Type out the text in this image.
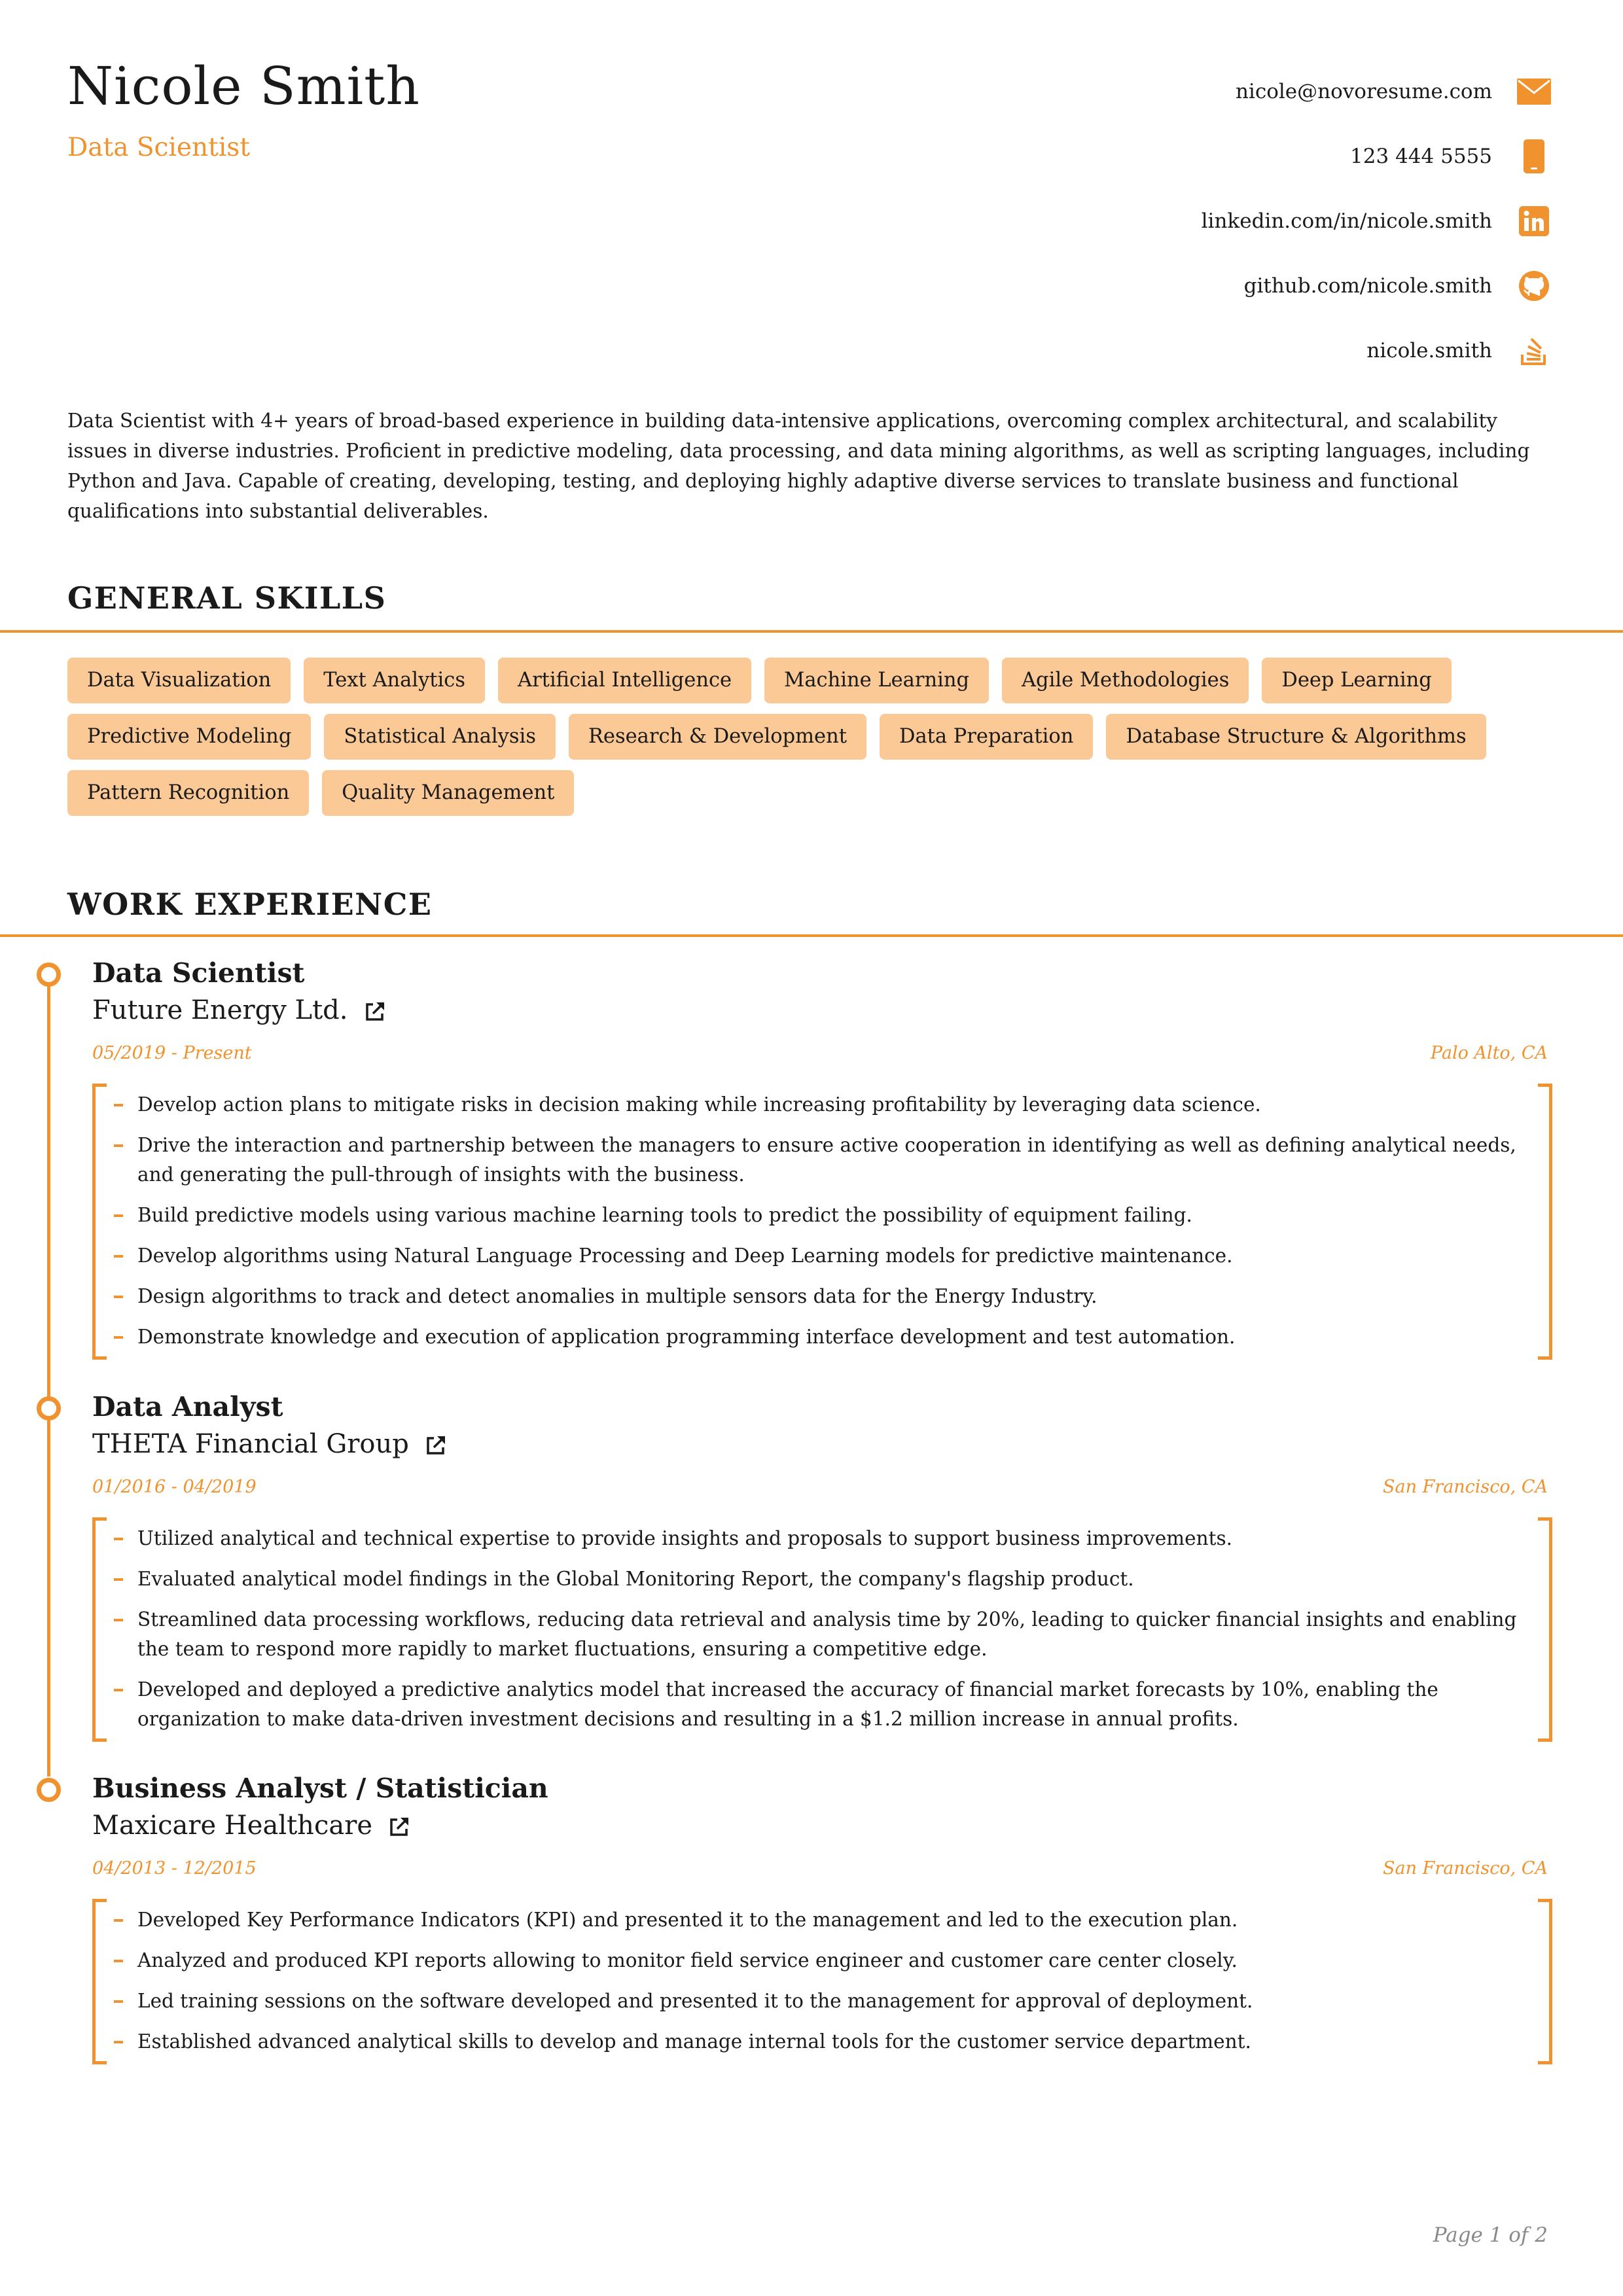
Nicole Smith
Data Scientist
nicole@novoresume.com
123 444 5555
linkedin.com/in/nicole.smith
github.com/nicole.smith
nicole.smith

Data Scientist with 4+ years of broad-based experience in building data-intensive applications, overcoming complex architectural, and scalability issues in diverse industries. Proficient in predictive modeling, data processing, and data mining algorithms, as well as scripting languages, including Python and Java. Capable of creating, developing, testing, and deploying highly adaptive diverse services to translate business and functional qualifications into substantial deliverables.

GENERAL SKILLS
Data Visualization	Text Analytics	Artificial Intelligence	Machine Learning	Agile Methodologies	Deep Learning
Predictive Modeling	Statistical Analysis	Research & Development	Data Preparation	Database Structure & Algorithms
Pattern Recognition	Quality Management
WORK EXPERIENCE
Data Scientist
Future Energy Ltd.
05/2019 - Present	Palo Alto, CA
Develop action plans to mitigate risks in decision making while increasing profitability by leveraging data science.
Drive the interaction and partnership between the managers to ensure active cooperation in identifying as well as defining analytical needs, and generating the pull-through of insights with the business.
Build predictive models using various machine learning tools to predict the possibility of equipment failing.
Develop algorithms using Natural Language Processing and Deep Learning models for predictive maintenance.
Design algorithms to track and detect anomalies in multiple sensors data for the Energy Industry.
Demonstrate knowledge and execution of application programming interface development and test automation.
Data Analyst
THETA Financial Group
01/2016 - 04/2019	San Francisco, CA
Utilized analytical and technical expertise to provide insights and proposals to support business improvements.
Evaluated analytical model findings in the Global Monitoring Report, the company's flagship product.
Streamlined data processing workflows, reducing data retrieval and analysis time by 20%, leading to quicker financial insights and enabling the team to respond more rapidly to market fluctuations, ensuring a competitive edge.
Developed and deployed a predictive analytics model that increased the accuracy of financial market forecasts by 10%, enabling the organization to make data-driven investment decisions and resulting in a $1.2 million increase in annual profits.
Business Analyst / Statistician
Maxicare Healthcare
04/2013 - 12/2015	San Francisco, CA
Developed Key Performance Indicators (KPI) and presented it to the management and led to the execution plan.
Analyzed and produced KPI reports allowing to monitor field service engineer and customer care center closely.
Led training sessions on the software developed and presented it to the management for approval of deployment.
Established advanced analytical skills to develop and manage internal tools for the customer service department.
Page 1 of 2
